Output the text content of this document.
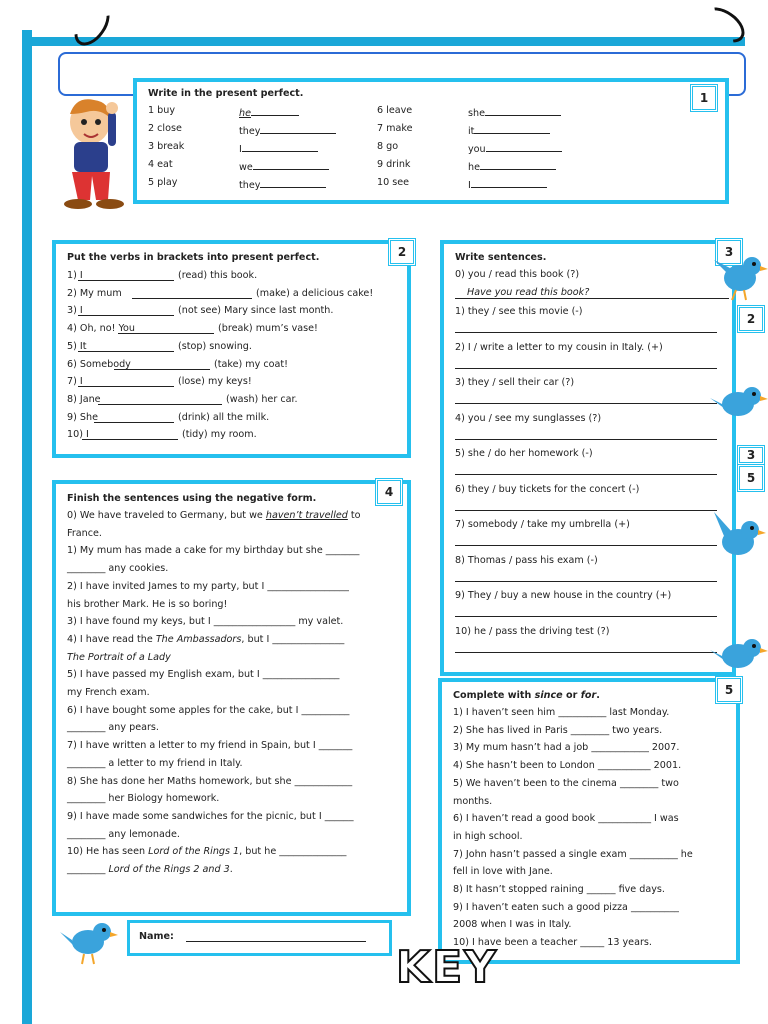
Write in the present perfect.
1 buy	he
2 close	they
3 break	I
4 eat	we
5 play	they
6 leave	she
7 make	it
8 go	you
9 drink	he
10 see	I
1
Put the verbs in brackets into present perfect.
1) I	(read) this book.
2) My mum	(make) a delicious cake!
3) I	(not see) Mary since last month.
4) Oh, no! You	(break) mum’s vase!
5) It	(stop) snowing.
6) Somebody	(take) my coat!
7) I	(lose) my keys!
8) Jane	(wash) her car.
9) She	(drink) all the milk.
10) I	(tidy) my room.
2	Write sentences.
0) you / read this book (?)
Have you read this book?
1) they / see this movie (-)
2) I / write a letter to my cousin in Italy. (+)
3) they / sell their car (?)
4) you / see my sunglasses (?)
5) she / do her homework (-)
6) they / buy tickets for the concert (-)
7) somebody / take my umbrella (+)
8) Thomas / pass his exam (-)
9) They / buy a new house in the country (+)
10) he / pass the driving test (?)
3
Finish the sentences using the negative form.
0) We have traveled to Germany, but we haven’t travelled to
France.
1) My mum has made a cake for my birthday but she _______
________ any cookies.
2) I have invited James to my party, but I _________________
his brother Mark. He is so boring!
3) I have found my keys, but I _________________ my valet.
4) I have read the The Ambassadors, but I _______________
The Portrait of a Lady
5) I have passed my English exam, but I ________________
my French exam.
6) I have bought some apples for the cake, but I __________
________ any pears.
7) I have written a letter to my friend in Spain, but I _______
________ a letter to my friend in Italy.
8) She has done her Maths homework, but she ____________
________ her Biology homework.
9) I have made some sandwiches for the picnic, but I ______
________ any lemonade.
10) He has seen Lord of the Rings 1, but he ______________
________ Lord of the Rings 2 and 3.
4
Complete with since or for.
1) I haven’t seen him __________ last Monday.
2) She has lived in Paris ________ two years.
3) My mum hasn’t had a job ____________ 2007.
4) She hasn’t been to London ___________ 2001.
5) We haven’t been to the cinema ________ two
months.
6) I haven’t read a good book ___________ I was
in high school.
7) John hasn’t passed a single exam __________ he
fell in love with Jane.
8) It hasn’t stopped raining ______ five days.
9) I haven’t eaten such a good pizza __________
2008 when I was in Italy.
10) I have been a teacher _____ 13 years.
5
2
3
5
Name:
KEY
